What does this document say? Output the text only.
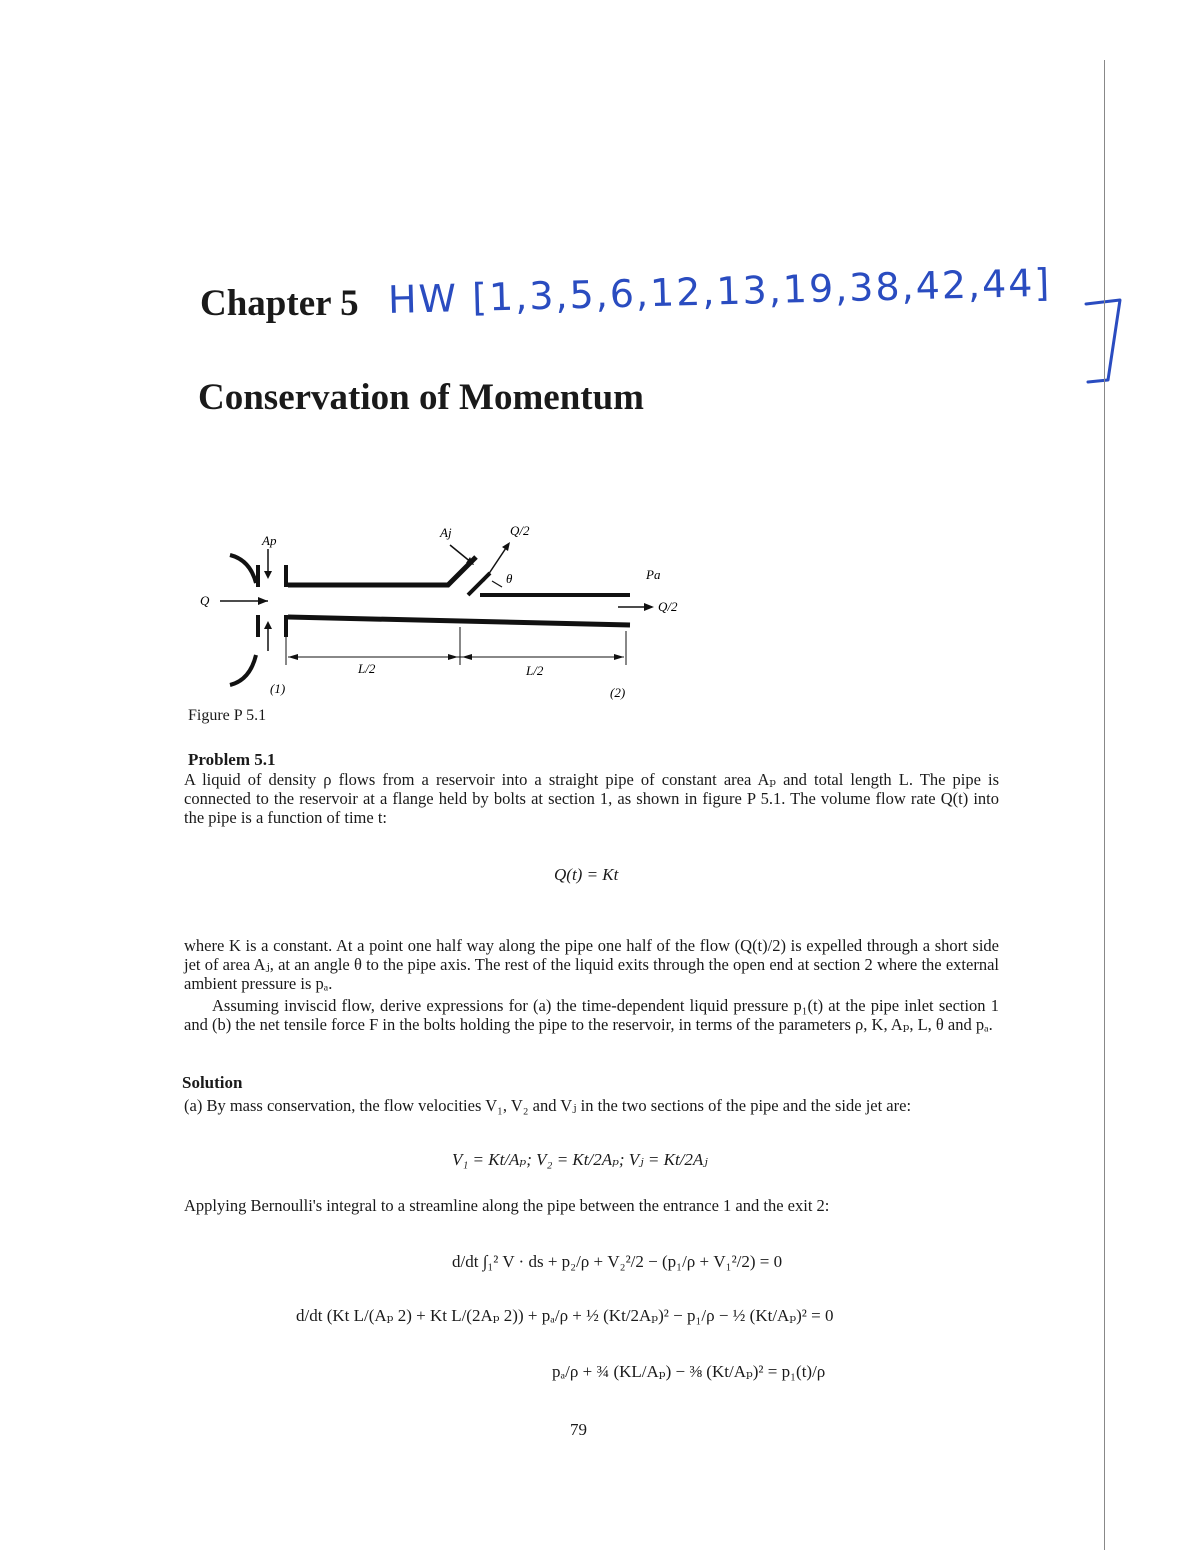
Chapter 5 HW [1,3,5,6,12,13,19,38,42,44]
Conservation of Momentum
Ap
Aj
Q
Q/2
Q/2
θ	Pa
L/2	L/2
(1)	(2)
Figure P 5.1
Problem 5.1
A liquid of density ρ flows from a reservoir into a straight pipe of constant area Aₚ and total length L. The pipe is connected to the reservoir at a flange held by bolts at section 1, as shown in figure P 5.1. The volume flow rate Q(t) into the pipe is a function of time t:
Q(t) = Kt
where K is a constant. At a point one half way along the pipe one half of the flow (Q(t)/2) is expelled through a short side jet of area Aⱼ, at an angle θ to the pipe axis. The rest of the liquid exits through the open end at section 2 where the external ambient pressure is pₐ.
Assuming inviscid flow, derive expressions for (a) the time-dependent liquid pressure p₁(t) at the pipe inlet section 1 and (b) the net tensile force F in the bolts holding the pipe to the reservoir, in terms of the parameters ρ, K, Aₚ, L, θ and pₐ.
Solution
(a) By mass conservation, the flow velocities V₁, V₂ and Vⱼ in the two sections of the pipe and the side jet are:
V₁ = Kt/Aₚ; V₂ = Kt/2Aₚ; Vⱼ = Kt/2Aⱼ
Applying Bernoulli's integral to a streamline along the pipe between the entrance 1 and the exit 2:
d/dt ∫₁² V · ds + p₂/ρ + V₂²/2 − (p₁/ρ + V₁²/2) = 0
d/dt (Kt L/(Aₚ 2) + Kt L/(2Aₚ 2)) + pₐ/ρ + ½ (Kt/2Aₚ)² − p₁/ρ − ½ (Kt/Aₚ)² = 0
pₐ/ρ + ¾ (KL/Aₚ) − ⅜ (Kt/Aₚ)² = p₁(t)/ρ
79
